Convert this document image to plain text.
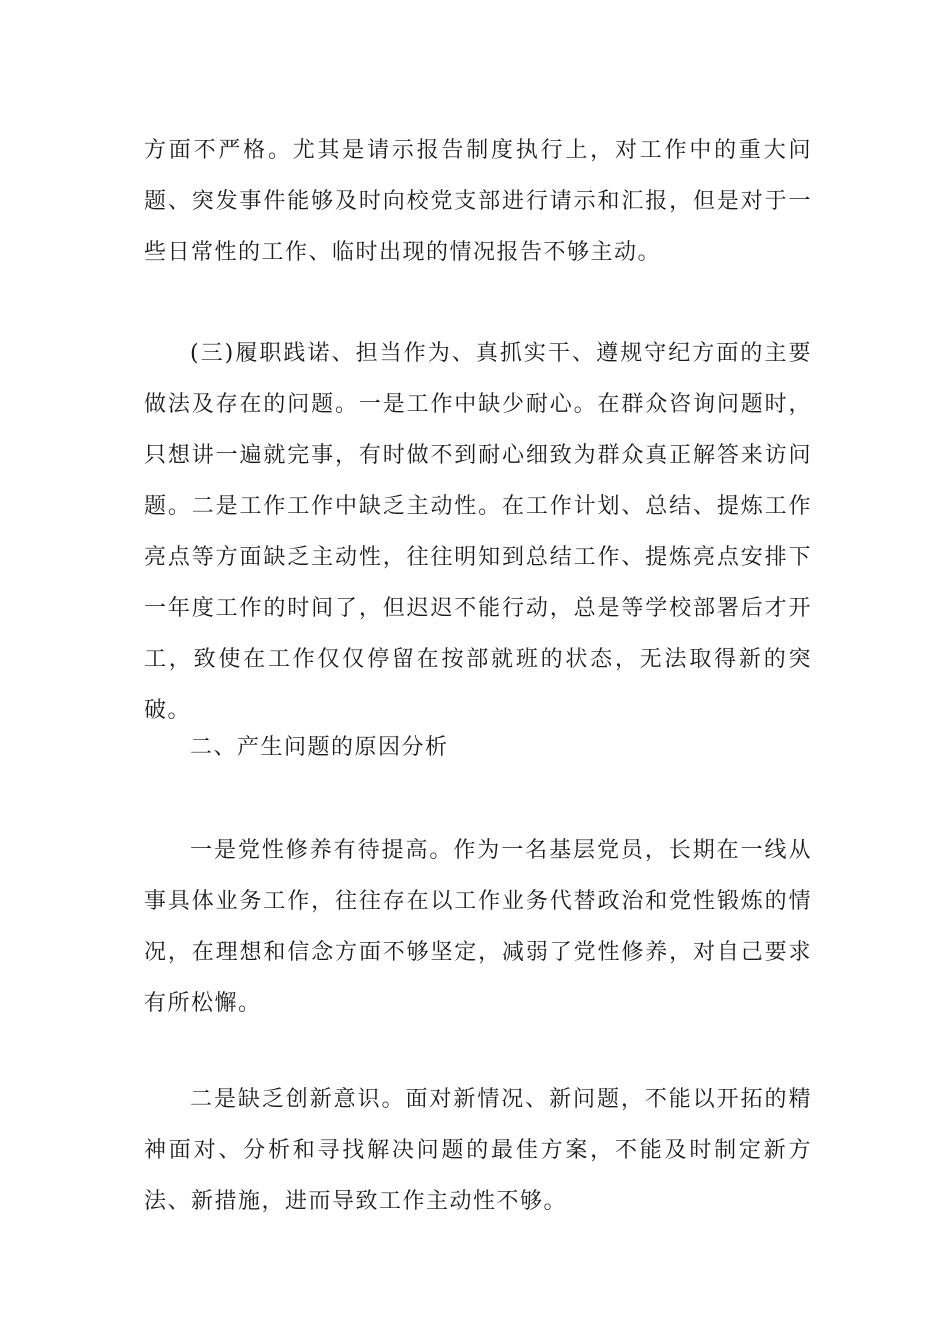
方面不严格。尤其是请示报告制度执行上，对工作中的重大问题、突发事件能够及时向校党支部进行请示和汇报，但是对于一些日常性的工作、临时出现的情况报告不够主动。

(三)履职践诺、担当作为、真抓实干、遵规守纪方面的主要做法及存在的问题。一是工作中缺少耐心。在群众咨询问题时，只想讲一遍就完事，有时做不到耐心细致为群众真正解答来访问题。二是工作工作中缺乏主动性。在工作计划、总结、提炼工作亮点等方面缺乏主动性，往往明知到总结工作、提炼亮点安排下一年度工作的时间了，但迟迟不能行动，总是等学校部署后才开工，致使在工作仅仅停留在按部就班的状态，无法取得新的突破。

二、产生问题的原因分析

一是党性修养有待提高。作为一名基层党员，长期在一线从事具体业务工作，往往存在以工作业务代替政治和党性锻炼的情况，在理想和信念方面不够坚定，减弱了党性修养，对自己要求有所松懈。

二是缺乏创新意识。面对新情况、新问题，不能以开拓的精神面对、分析和寻找解决问题的最佳方案，不能及时制定新方法、新措施，进而导致工作主动性不够。
